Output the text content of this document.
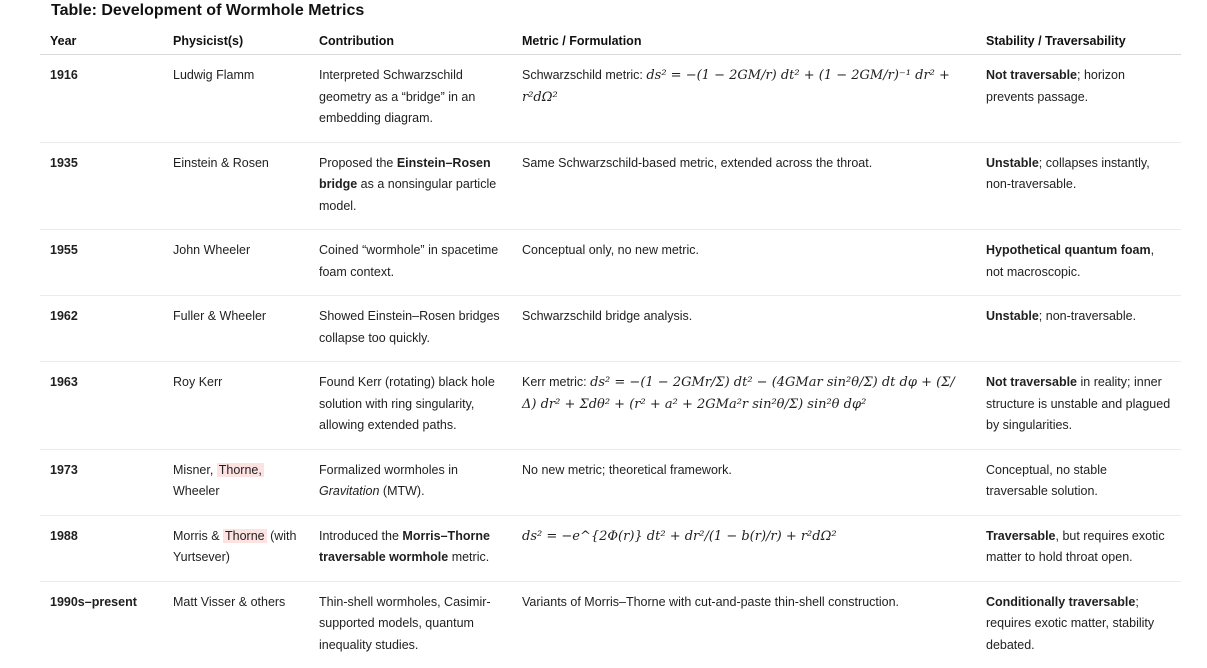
Table: Development of Wormhole Metrics
Year	Physicist(s)	Contribution	Metric / Formulation	Stability / Traversability
1916	Ludwig Flamm	Interpreted Schwarzschild geometry as a “bridge” in an embedding diagram.	Schwarzschild metric: ds² = −(1 − 2GM/r) dt² + (1 − 2GM/r)⁻¹ dr² + r²dΩ²	Not traversable; horizon prevents passage.
1935	Einstein & Rosen	Proposed the Einstein–Rosen bridge as a nonsingular particle model.	Same Schwarzschild-based metric, extended across the throat.	Unstable; collapses instantly, non-traversable.
1955	John Wheeler	Coined “wormhole” in spacetime foam context.	Conceptual only, no new metric.	Hypothetical quantum foam, not macroscopic.
1962	Fuller & Wheeler	Showed Einstein–Rosen bridges collapse too quickly.	Schwarzschild bridge analysis.	Unstable; non-traversable.
1963	Roy Kerr	Found Kerr (rotating) black hole solution with ring singularity, allowing extended paths.	Kerr metric: ds² = −(1 − 2GMr/Σ) dt² − (4GMar sin²θ/Σ) dt dφ + (Σ/Δ) dr² + Σdθ² + (r² + a² + 2GMa²r sin²θ/Σ) sin²θ dφ²	Not traversable in reality; inner structure is unstable and plagued by singularities.
1973	Misner, Thorne, Wheeler	Formalized wormholes in Gravitation (MTW).	No new metric; theoretical framework.	Conceptual, no stable traversable solution.
1988	Morris & Thorne (with Yurtsever)	Introduced the Morris–Thorne traversable wormhole metric.	ds² = −e^{2Φ(r)} dt² + dr²/(1 − b(r)/r) + r²dΩ²	Traversable, but requires exotic matter to hold throat open.
1990s–present	Matt Visser & others	Thin-shell wormholes, Casimir-supported models, quantum inequality studies.	Variants of Morris–Thorne with cut-and-paste thin-shell construction.	Conditionally traversable; requires exotic matter, stability debated.
